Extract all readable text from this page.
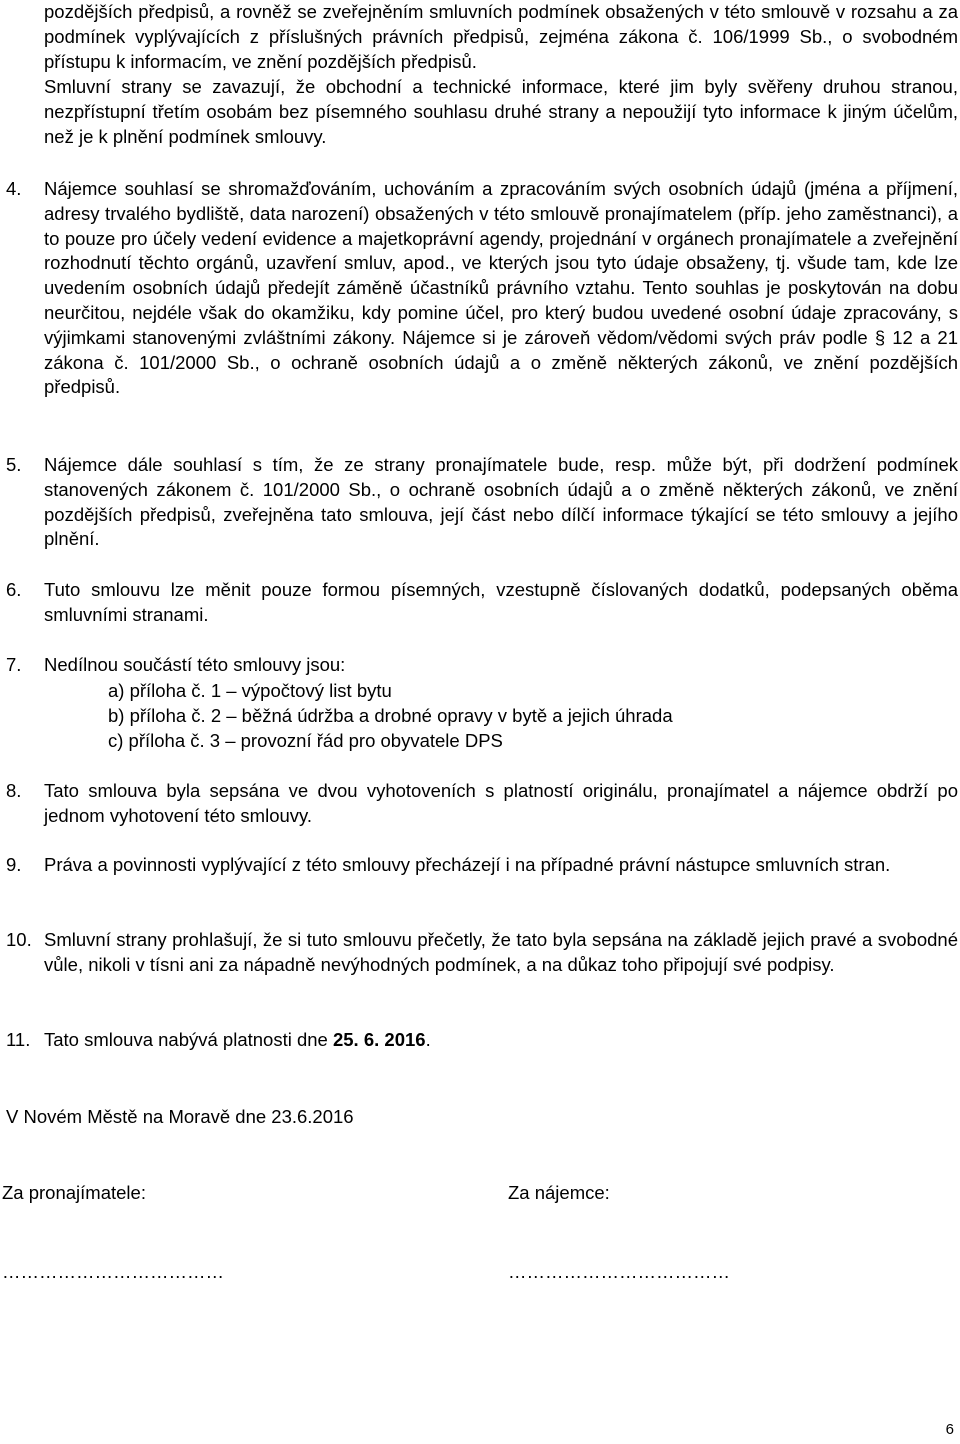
pozdějších předpisů, a rovněž se zveřejněním smluvních podmínek obsažených v této smlouvě v rozsahu a za podmínek vyplývajících z příslušných právních předpisů, zejména zákona č. 106/1999 Sb., o svobodném přístupu k informacím, ve znění pozdějších předpisů.
Smluvní strany se zavazují, že obchodní a technické informace, které jim byly svěřeny druhou stranou, nezpřístupní třetím osobám bez písemného souhlasu druhé strany a nepoužijí tyto informace k jiným účelům, než je k plnění podmínek smlouvy.
4.	Nájemce souhlasí se shromažďováním, uchováním a zpracováním svých osobních údajů (jména a příjmení, adresy trvalého bydliště, data narození) obsažených v této smlouvě pronajímatelem (příp. jeho zaměstnanci), a to pouze pro účely vedení evidence a majetkoprávní agendy, projednání v orgánech pronajímatele a zveřejnění rozhodnutí těchto orgánů, uzavření smluv, apod., ve kterých jsou tyto údaje obsaženy, tj. všude tam, kde lze uvedením osobních údajů předejít záměně účastníků právního vztahu. Tento souhlas je poskytován na dobu neurčitou, nejdéle však do okamžiku, kdy pomine účel, pro který budou uvedené osobní údaje zpracovány, s výjimkami stanovenými zvláštními zákony. Nájemce si je zároveň vědom/vědomi svých práv podle § 12 a 21 zákona č. 101/2000 Sb., o ochraně osobních údajů a o změně některých zákonů, ve znění pozdějších předpisů.
5.	Nájemce dále souhlasí s tím, že ze strany pronajímatele bude, resp. může být, při dodržení podmínek stanovených zákonem č. 101/2000 Sb., o ochraně osobních údajů a o změně některých zákonů, ve znění pozdějších předpisů, zveřejněna tato smlouva, její část nebo dílčí informace týkající se této smlouvy a jejího plnění.
6.	Tuto smlouvu lze měnit pouze formou písemných, vzestupně číslovaných dodatků, podepsaných oběma smluvními stranami.
7.	Nedílnou součástí této smlouvy jsou:
a) příloha č. 1 – výpočtový list bytu
b) příloha č. 2 – běžná údržba a drobné opravy v bytě a jejich úhrada
c) příloha č. 3 – provozní řád pro obyvatele DPS
8.	Tato smlouva byla sepsána ve dvou vyhotoveních s platností originálu, pronajímatel a nájemce obdrží po jednom vyhotovení této smlouvy.
9.	Práva a povinnosti vyplývající z této smlouvy přecházejí i na případné právní nástupce smluvních stran.
10. Smluvní strany prohlašují, že si tuto smlouvu přečetly, že tato byla sepsána na základě jejich pravé a svobodné vůle, nikoli v tísni ani za nápadně nevýhodných podmínek, a na důkaz toho připojují své podpisy.
11. Tato smlouva nabývá platnosti dne 25. 6. 2016.
V Novém Městě na Moravě dne 23.6.2016
Za pronajímatele:	Za nájemce:
………………………………	………………………………
6
